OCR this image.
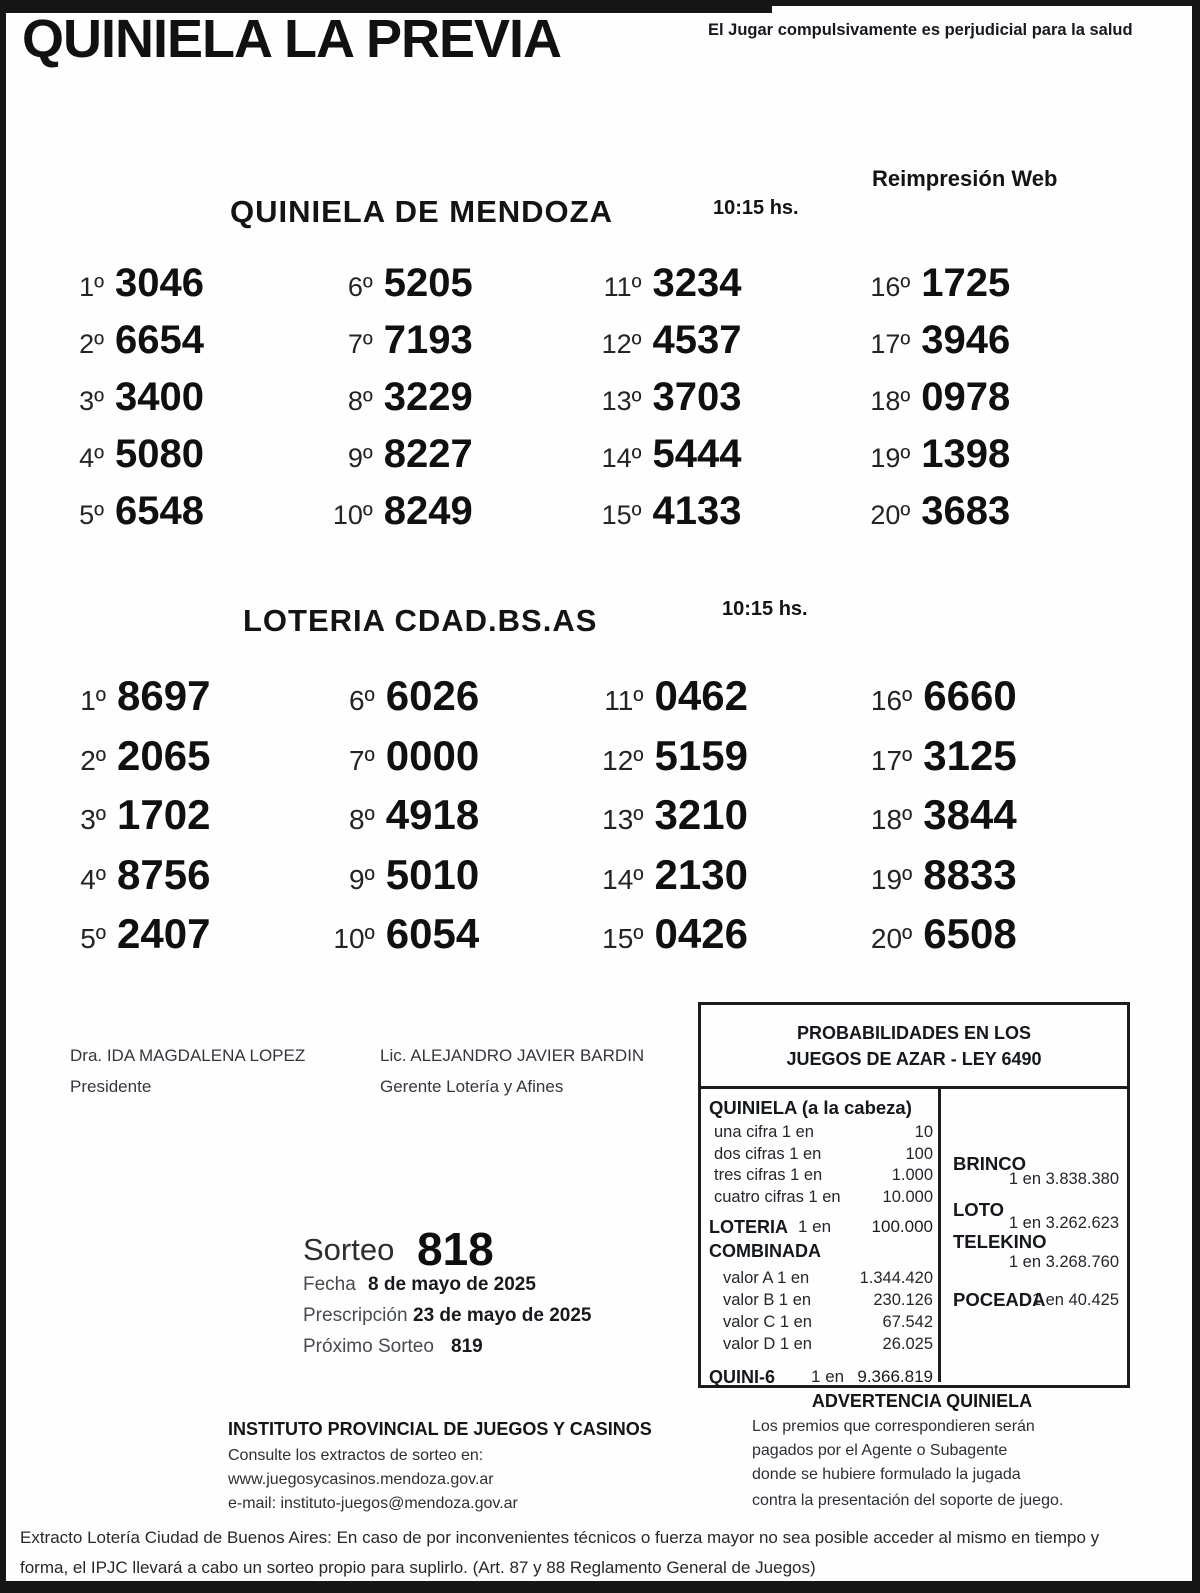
QUINIELA LA PREVIA	El Jugar compulsivamente es perjudicial para la salud
QUINIELA DE MENDOZA	10:15 hs.
Reimpresión Web
1º 3046
2º 6654
3º 3400
4º 5080
5º 6548
6º 5205
7º 7193
8º 3229
9º 8227
10º 8249
11º 3234
12º 4537
13º 3703
14º 5444
15º 4133
16º 1725
17º 3946
18º 0978
19º 1398
20º 3683
LOTERIA CDAD.BS.AS	10:15 hs.
1º 8697
2º 2065
3º 1702
4º 8756
5º 2407
6º 6026
7º 0000
8º 4918
9º 5010
10º 6054
11º 0462
12º 5159
13º 3210
14º 2130
15º 0426
16º 6660
17º 3125
18º 3844
19º 8833
20º 6508
Dra. IDA MAGDALENA LOPEZ
Presidente
Lic. ALEJANDRO JAVIER BARDIN
Gerente Lotería y Afines
Sorteo 818
Fecha 8 de mayo de 2025
Prescripción 23 de mayo de 2025
Próximo Sorteo 819
PROBABILIDADES EN LOS
JUEGOS DE AZAR - LEY 6490
QUINIELA (a la cabeza)
una cifra 1 en	10
dos cifras 1 en	100
tres cifras 1 en	1.000
cuatro cifras 1 en	10.000
LOTERIA 1 en 100.000
COMBINADA
valor A 1 en	1.344.420
valor B 1 en	230.126
valor C 1 en	67.542
valor D 1 en	26.025
QUINI-6 1 en 9.366.819
BRINCO
1 en 3.838.380
LOTO
1 en 3.262.623
TELEKINO
1 en 3.268.760
POCEADA
1 en 40.425
INSTITUTO PROVINCIAL DE JUEGOS Y CASINOS
Consulte los extractos de sorteo en:
www.juegosycasinos.mendoza.gov.ar
e-mail: instituto-juegos@mendoza.gov.ar
ADVERTENCIA QUINIELA
Los premios que correspondieren serán
pagados por el Agente o Subagente
donde se hubiere formulado la jugada
contra la presentación del soporte de juego.
Extracto Lotería Ciudad de Buenos Aires: En caso de por inconvenientes técnicos o fuerza mayor no sea posible acceder al mismo en tiempo y
forma, el IPJC llevará a cabo un sorteo propio para suplirlo. (Art. 87 y 88 Reglamento General de Juegos)
